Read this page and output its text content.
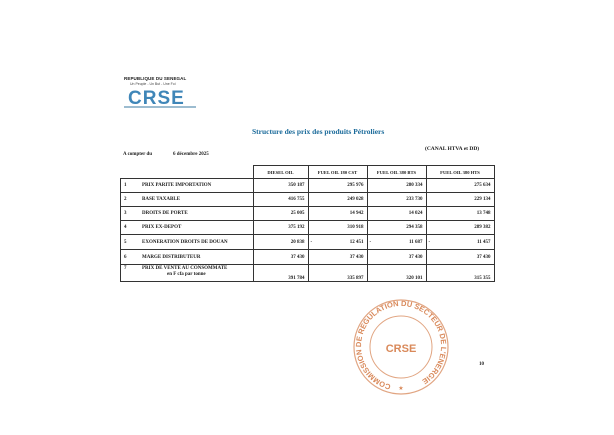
REPUBLIQUE DU SENEGAL
Un Peuple - Un But - Une Foi
CRSE
Structure des prix des produits Pétroliers
(CANAL HTVA et DD)
A compter du	6 décembre 2025
	DIESEL OIL	FUEL OIL 180 CST	FUEL OIL 380 BTS	FUEL OIL 380 HTS
1 PRIX PARITE IMPORTATION	350 187	295 976	280 334	275 634
2 BASE TAXABLE	416 755	249 028	233 730	229 134
3 DROITS DE PORTE	25 005	14 942	14 024	13 748
4 PRIX EX-DEPOT	375 192	310 918	294 358	289 382
5 EXONERATION DROITS DE DOUAN	20 838	- 12 451	- 11 687	- 11 457
6 MARGE DISTRIBUTEUR	37 430	37 430	37 430	37 430
7 PRIX DE VENTE AU CONSOMMATE
en F cfa par tonne	391 784	335 897	320 101	315 355
COMMISSION DE REGULATION DU SECTEUR DE L'ENERGIE
CRSE
★
10
